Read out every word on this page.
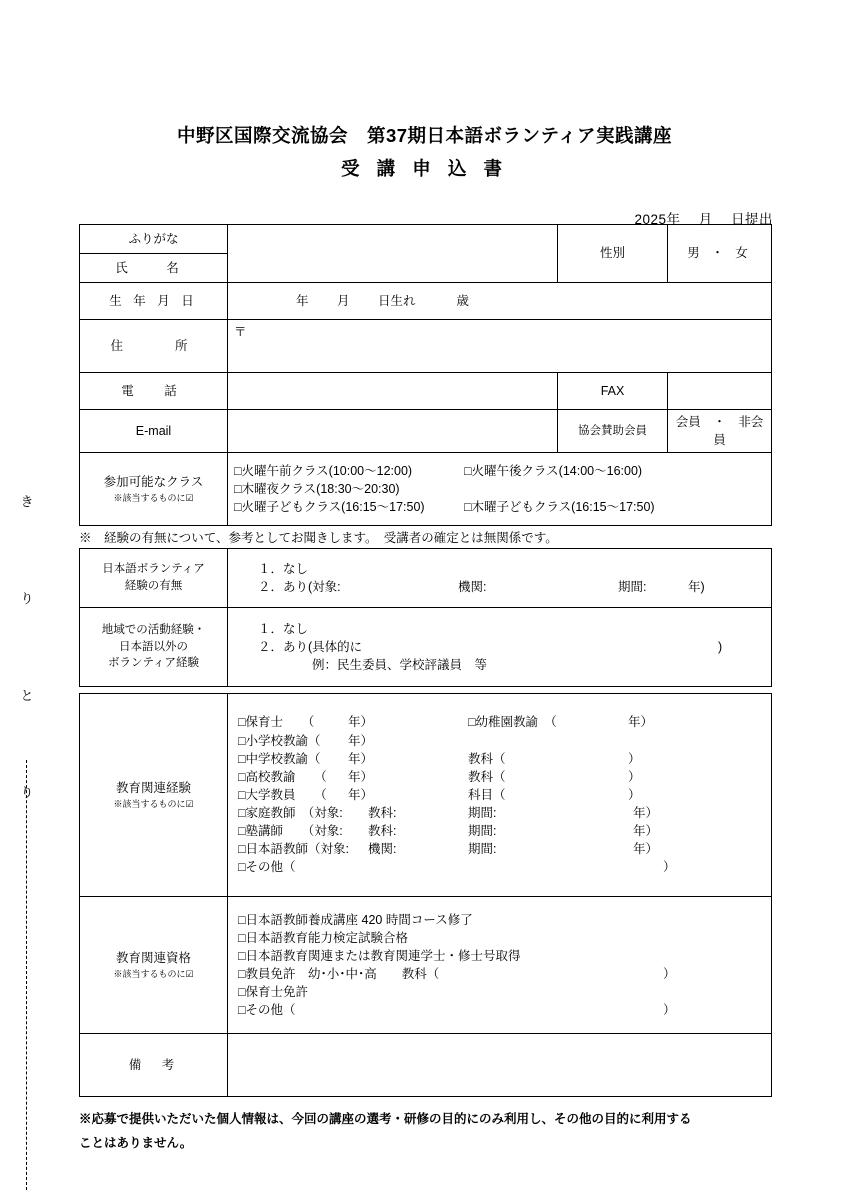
き
り
と
り
中野区国際交流協会　第37期日本語ボランティア実践講座
受 講 申 込 書
2025年　 月　 日提出
ふりがな		性別	男 ・ 女
氏　名			
生 年 月 日	年　　 月　　 日生れ　　　 歳		
住　　所	〒		
電　話		FAX	
E-mail		協会賛助会員	会員　・　非会員
参加可能なクラス
※該当するものに☑

□火曜午前クラス(10:00〜12:00)	□火曜午後クラス(14:00〜16:00)
□木曜夜クラス(18:30〜20:30)
□火曜子どもクラス(16:15〜17:50)	□木曜子どもクラス(16:15〜17:50)
※　経験の有無について、参考としてお聞きします。　受講者の確定とは無関係です。
日本語ボランティア
経験の有無

１．なし
２．あり(対象:	機関:	期間:	年)

地域での活動経験・
日本語以外の
ボランティア経験

１．なし
２．あり(具体的に	)
例：民生委員、学校評議員　等
教育関連経験
※該当するものに☑

□保育士　　（	年）	□幼稚園教諭　（	年）
□小学校教諭（ 年）
□中学校教諭（ 年）	教科（	）
□高校教諭　　（ 年）	教科（	）
□大学教員　　（ 年）	科目（	）
□家庭教師　（対象: 教科:	期間:	年）
□塾講師　　（対象: 教科:	期間:	年）
□日本語教師（対象: 機関:	期間:	年）
□その他（	）

教育関連資格
※該当するものに☑

□日本語教師養成講座 420 時間コース修了
□日本語教育能力検定試験合格
□日本語教育関連または教育関連学士・修士号取得
□教員免許　幼･小･中･高　　教科（	）
□保育士免許
□その他（	）

備　考	
※応募で提供いただいた個人情報は、今回の講座の選考・研修の目的にのみ利用し、その他の目的に利用する
ことはありません。
